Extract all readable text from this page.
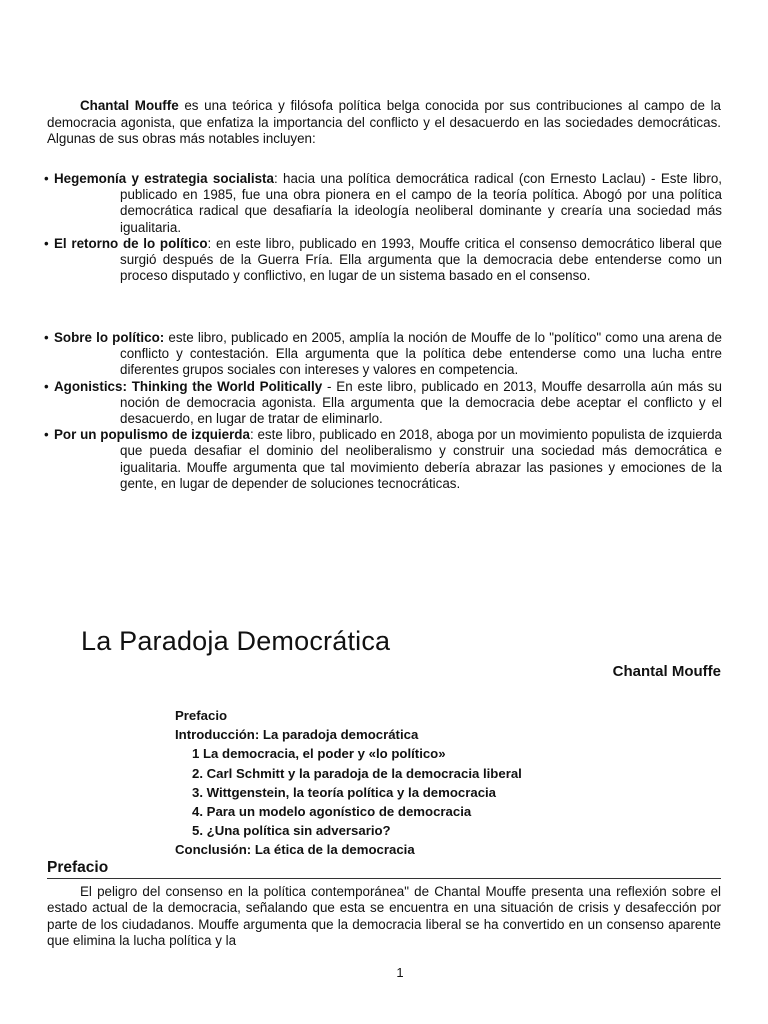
Chantal Mouffe es una teórica y filósofa política belga conocida por sus contribuciones al campo de la democracia agonista, que enfatiza la importancia del conflicto y el desacuerdo en las sociedades democráticas. Algunas de sus obras más notables incluyen:

• Hegemonía y estrategia socialista: hacia una política democrática radical (con Ernesto Laclau) - Este libro, publicado en 1985, fue una obra pionera en el campo de la teoría política. Abogó por una política democrática radical que desafiaría la ideología neoliberal dominante y crearía una sociedad más igualitaria.
• El retorno de lo político: en este libro, publicado en 1993, Mouffe critica el consenso democrático liberal que surgió después de la Guerra Fría. Ella argumenta que la democracia debe entenderse como un proceso disputado y conflictivo, en lugar de un sistema basado en el consenso.
• Sobre lo político: este libro, publicado en 2005, amplía la noción de Mouffe de lo "político" como una arena de conflicto y contestación. Ella argumenta que la política debe entenderse como una lucha entre diferentes grupos sociales con intereses y valores en competencia.
• Agonistics: Thinking the World Politically - En este libro, publicado en 2013, Mouffe desarrolla aún más su noción de democracia agonista. Ella argumenta que la democracia debe aceptar el conflicto y el desacuerdo, en lugar de tratar de eliminarlo.
• Por un populismo de izquierda: este libro, publicado en 2018, aboga por un movimiento populista de izquierda que pueda desafiar el dominio del neoliberalismo y construir una sociedad más democrática e igualitaria. Mouffe argumenta que tal movimiento debería abrazar las pasiones y emociones de la gente, en lugar de depender de soluciones tecnocráticas.
La Paradoja Democrática

Chantal Mouffe

Prefacio
Introducción: La paradoja democrática
1 La democracia, el poder y «lo político»
2. Carl Schmitt y la paradoja de la democracia liberal
3. Wittgenstein, la teoría política y la democracia
4. Para un modelo agonístico de democracia
5. ¿Una política sin adversario?
Conclusión: La ética de la democracia
Prefacio

El peligro del consenso en la política contemporánea" de Chantal Mouffe presenta una reflexión sobre el estado actual de la democracia, señalando que esta se encuentra en una situación de crisis y desafección por parte de los ciudadanos. Mouffe argumenta que la democracia liberal se ha convertido en un consenso aparente que elimina la lucha política y la

1
